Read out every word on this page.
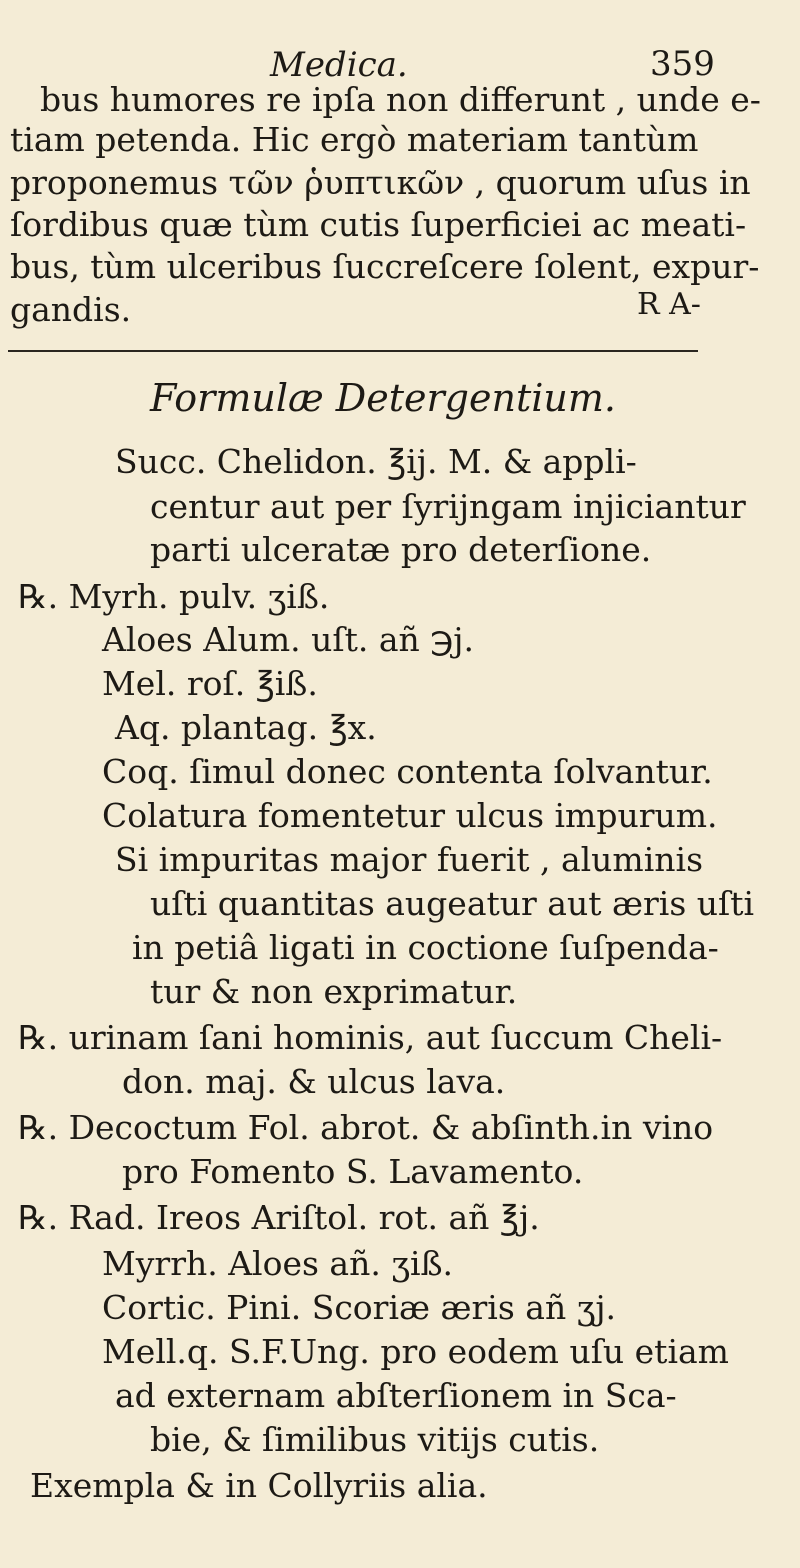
Medica.	359
bus humores re ipſa non differunt , unde e-
tiam petenda. Hic ergò materiam tantùm
proponemus τῶν ῥυπτικῶν , quorum uſus in
ſordibus quæ tùm cutis ſuperficiei ac meati-
bus, tùm ulceribus ſuccreſcere ſolent, expur-
gandis.	R A-
Formulæ Detergentium.
Succ. Chelidon. ℥ij. M. & appli-
centur aut per ſyrijngam injiciantur
parti ulceratæ pro deterſione.
℞. Myrh. pulv. ʒiß.
Aloes Alum. uſt. añ ℈j.
Mel. roſ. ℥iß.
Aq. plantag. ℥x.
Coq. ſimul donec contenta ſolvantur.
Colatura fomentetur ulcus impurum.
Si impuritas major fuerit , aluminis
uſti quantitas augeatur aut æris uſti
in petiâ ligati in coctione ſuſpenda-
tur & non exprimatur.
℞. urinam ſani hominis, aut ſuccum Cheli-
don. maj. & ulcus lava.
℞. Decoctum Fol. abrot. & abſinth.in vino
pro Fomento S. Lavamento.
℞. Rad. Ireos Ariſtol. rot. añ ℥j.
Myrrh. Aloes añ. ʒiß.
Cortic. Pini. Scoriæ æris añ ʒj.
Mell.q. S.F.Ung. pro eodem uſu etiam
ad externam abſterſionem in Sca-
bie, & ſimilibus vitijs cutis.
Exempla & in Collyriis alia.
